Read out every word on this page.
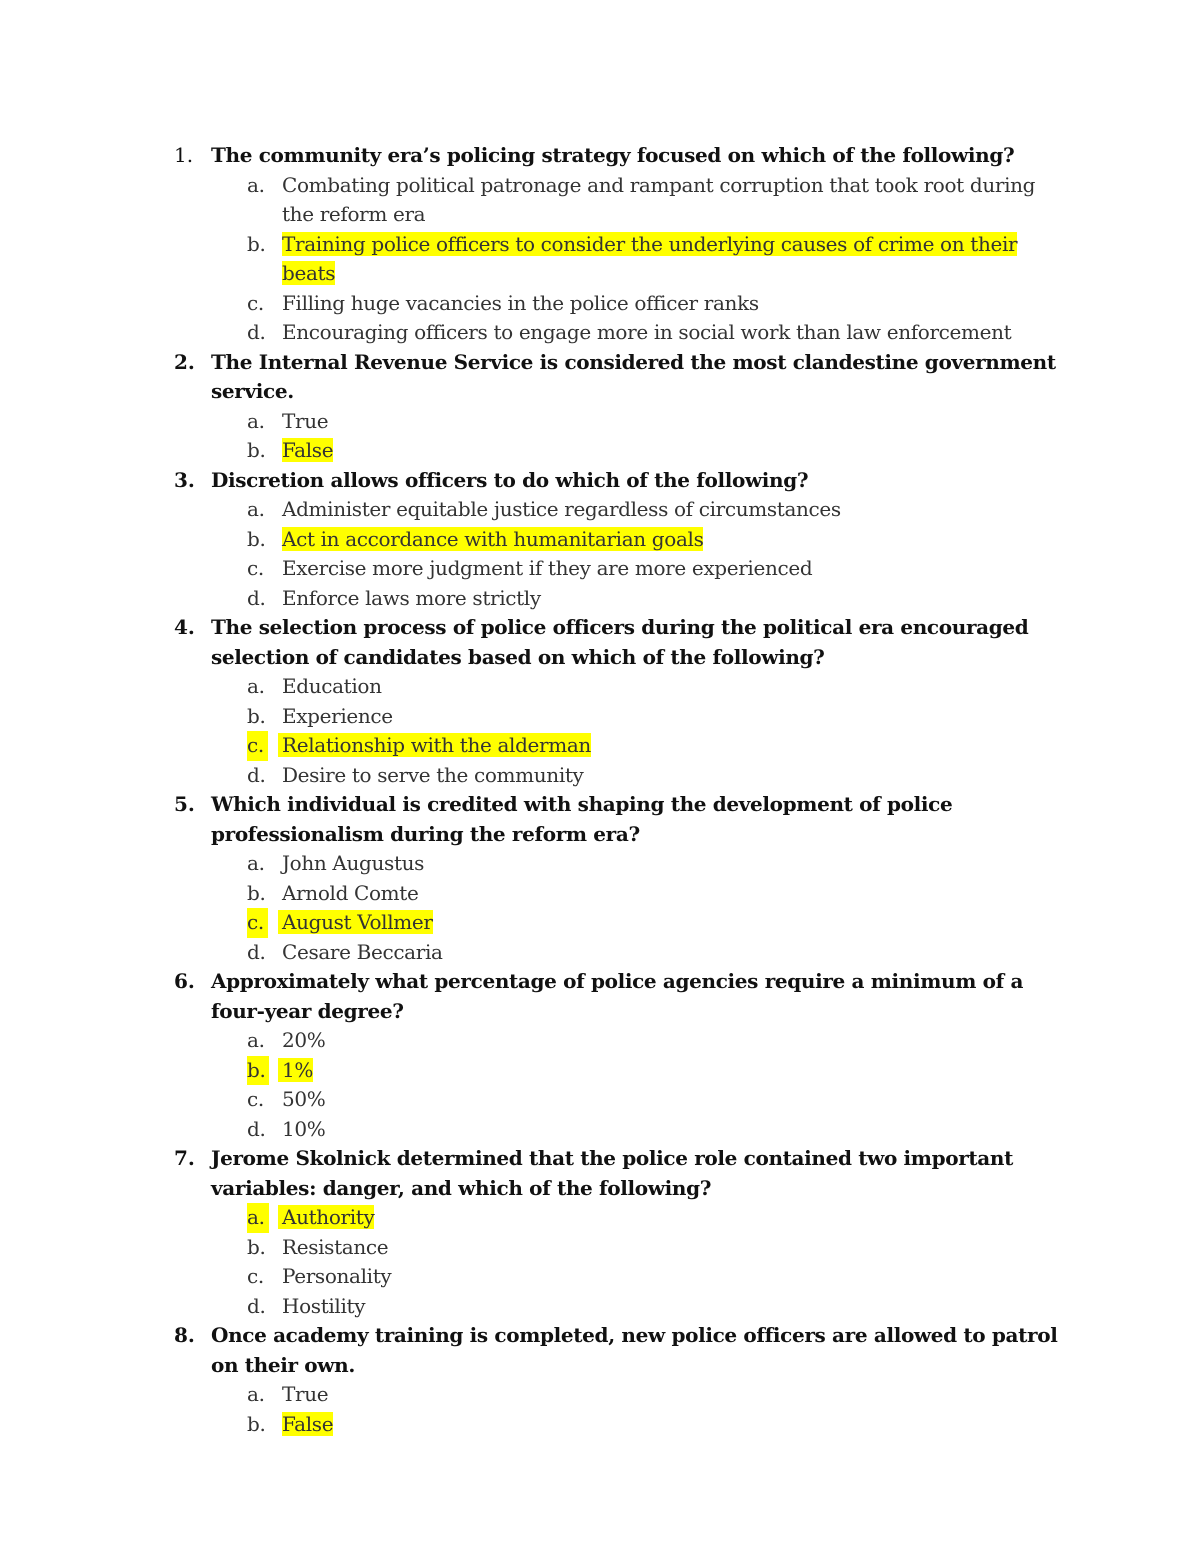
1. The community era’s policing strategy focused on which of the following?

a. Combating political patronage and rampant corruption that took root during the reform era
b. Training police officers to consider the underlying causes of crime on their beats
c. Filling huge vacancies in the police officer ranks
d. Encouraging officers to engage more in social work than law enforcement
2. The Internal Revenue Service is considered the most clandestine government service.

a. True
b. False
3. Discretion allows officers to do which of the following?

a. Administer equitable justice regardless of circumstances
b. Act in accordance with humanitarian goals
c. Exercise more judgment if they are more experienced
d. Enforce laws more strictly
4. The selection process of police officers during the political era encouraged selection of candidates based on which of the following?

a. Education
b. Experience
c. Relationship with the alderman
d. Desire to serve the community
5. Which individual is credited with shaping the development of police professionalism during the reform era?

a. John Augustus
b. Arnold Comte
c. August Vollmer
d. Cesare Beccaria
6. Approximately what percentage of police agencies require a minimum of a four-year degree?

a. 20%
b. 1%
c. 50%
d. 10%
7. Jerome Skolnick determined that the police role contained two important variables: danger, and which of the following?

a. Authority
b. Resistance
c. Personality
d. Hostility
8. Once academy training is completed, new police officers are allowed to patrol on their own.

a. True
b. False
